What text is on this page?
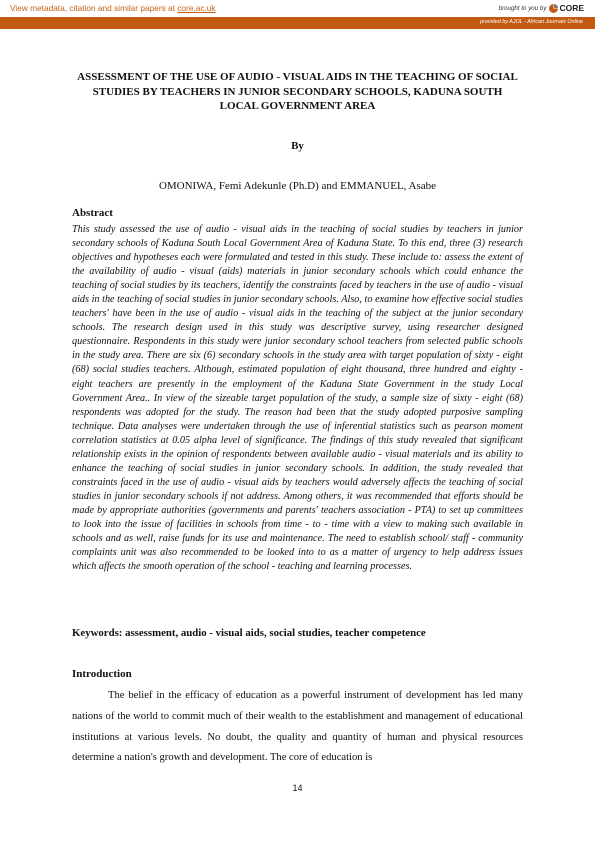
View metadata, citation and similar papers at core.ac.uk	brought to you by CORE
provided by AJOL - African Journals Online
ASSESSMENT OF THE USE OF AUDIO - VISUAL AIDS IN THE TEACHING OF SOCIAL STUDIES BY TEACHERS IN JUNIOR SECONDARY SCHOOLS, KADUNA SOUTH LOCAL GOVERNMENT AREA
By
OMONIWA, Femi Adekunle (Ph.D) and EMMANUEL, Asabe
Abstract

This study assessed the use of audio - visual aids in the teaching of social studies by teachers in junior secondary schools of Kaduna South Local Government Area of Kaduna State. To this end, three (3) research objectives and hypotheses each were formulated and tested in this study. These include to: assess the extent of the availability of audio - visual (aids) materials in junior secondary schools which could enhance the teaching of social studies by its teachers, identify the constraints faced by teachers in the use of audio - visual aids in the teaching of social studies in junior secondary schools. Also, to examine how effective social studies teachers' have been in the use of audio - visual aids in the teaching of the subject at the junior secondary schools. The research design used in this study was descriptive survey, using researcher designed questionnaire. Respondents in this study were junior secondary school teachers from selected public schools in the study area. There are six (6) secondary schools in the study area with target population of sixty - eight (68) social studies teachers. Although, estimated population of eight thousand, three hundred and eighty - eight teachers are presently in the employment of the Kaduna State Government in the study Local Government Area.. In view of the sizeable target population of the study, a sample size of sixty - eight (68) respondents was adopted for the study. The reason had been that the study adopted purposive sampling technique. Data analyses were undertaken through the use of inferential statistics such as pearson moment correlation statistics at 0.05 alpha level of significance. The findings of this study revealed that significant relationship exists in the opinion of respondents between available audio - visual materials and its ability to enhance the teaching of social studies in junior secondary schools. In addition, the study revealed that constraints faced in the use of audio - visual aids by teachers would adversely affects the teaching of social studies in junior secondary schools if not address. Among others, it was recommended that efforts should be made by appropriate authorities (governments and parents' teachers association - PTA) to set up committees to look into the issue of facilities in schools from time - to - time with a view to making such available in schools and as well, raise funds for its use and maintenance. The need to establish school/ staff - community complaints unit was also recommended to be looked into to as a matter of urgency to help address issues which affects the smooth operation of the school - teaching and learning processes.

Keywords: assessment, audio - visual aids, social studies, teacher competence
Introduction

The belief in the efficacy of education as a powerful instrument of development has led many nations of the world to commit much of their wealth to the establishment and management of educational institutions at various levels. No doubt, the quality and quantity of human and physical resources determine a nation's growth and development. The core of education is

14
